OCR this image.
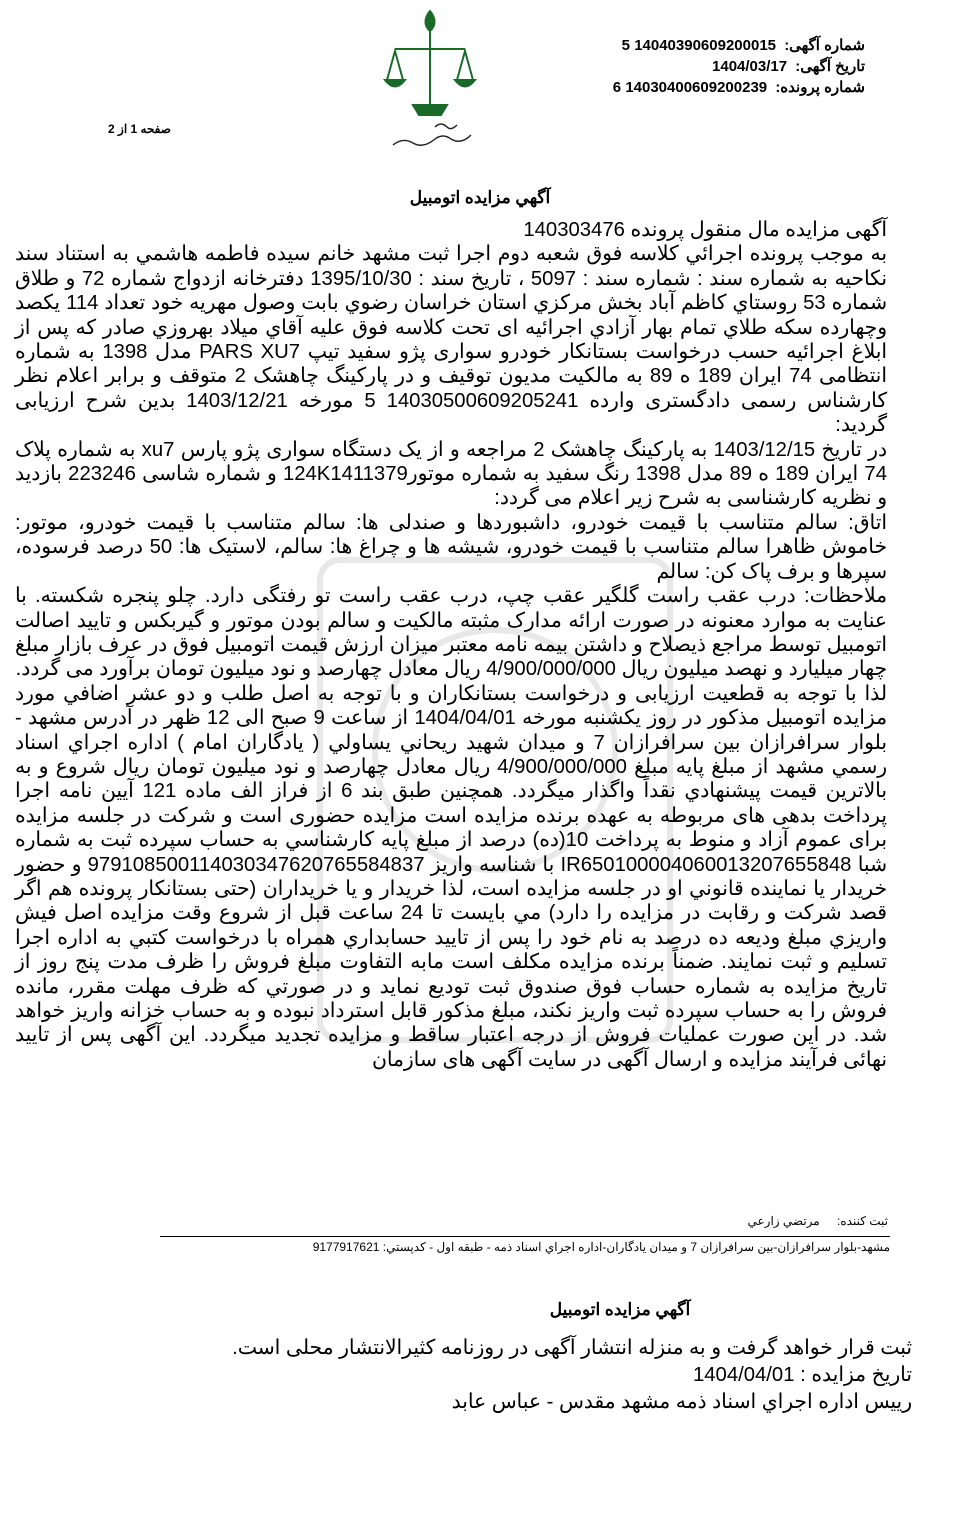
شماره آگهی: 14040390609200015 5
تاریخ آگهی: 1404/03/17
شماره پرونده: 14030400609200239 6
صفحه 1 از 2
آگهي مزايده اتومبيل

آگهی مزایده مال منقول پرونده 140303476

به موجب پرونده اجرائي كلاسه فوق شعبه دوم اجرا ثبت مشهد خانم سيده فاطمه هاشمي به استناد سند نكاحيه به شماره سند : شماره سند : 5097 ، تاریخ سند : 1395/10/30 دفترخانه ازدواج شماره 72 و طلاق شماره 53 روستاي كاظم آباد بخش مركزي استان خراسان رضوي بابت وصول مهريه خود تعداد 114 يكصد وچهارده سكه طلاي تمام بهار آزادي اجرائيه ای تحت كلاسه فوق عليه آقاي ميلاد بهروزي صادر كه پس از ابلاغ اجرائیه حسب درخواست بستانكار خودرو سواری پژو سفيد تيپ PARS XU7 مدل 1398 به شماره انتظامی 74 ایران 189 ه 89 به مالکیت مدیون توقیف و در پارکینگ چاهشک 2 متوقف و برابر اعلام نظر كارشناس رسمی دادگستری وارده 14030500609205241 5 مورخه 1403/12/21 بدين شرح ارزيابی گرديد:

در تاریخ 1403/12/15 به پارکینگ چاهشک 2 مراجعه و از یک دستگاه سواری پژو پارس xu7 به شماره پلاک 74 ایران 189 ه 89 مدل 1398 رنگ سفید به شماره موتور124K1411379 و شماره شاسی 223246 بازدید و نظریه کارشناسی به شرح زیر اعلام می گردد:

اتاق: سالم متناسب با قیمت خودرو، داشبوردها و صندلی ها: سالم متناسب با قیمت خودرو، موتور: خاموش ظاهرا سالم متناسب با قیمت خودرو، شیشه ها و چراغ ها: سالم، لاستیک ها: 50 درصد فرسوده، سپرها و برف پاک کن: سالم

ملاحظات: درب عقب راست گلگیر عقب چپ، درب عقب راست تو رفتگی دارد. چلو پنجره شکسته. با عنایت به موارد معنونه در صورت ارائه مدارک مثبته مالکیت و سالم بودن موتور و گیربکس و تایید اصالت اتومبیل توسط مراجع ذیصلاح و داشتن بیمه نامه معتبر میزان ارزش قیمت اتومبیل فوق در عرف بازار مبلغ چهار میلیارد و نهصد میلیون ریال 4/900/000/000 ریال معادل چهارصد و نود میلیون تومان برآورد می گردد.

لذا با توجه به قطعيت ارزيابی و درخواست بستانكاران و با توجه به اصل طلب و دو عشر اضافي مورد مزايده اتومبيل مذكور در روز يكشنبه مورخه 1404/04/01 از ساعت 9 صبح الی 12 ظهر در آدرس مشهد - بلوار سرافرازان بين سرافرازان 7 و ميدان شهيد ريحاني يساولي ( يادگاران امام ) اداره اجراي اسناد رسمي مشهد از مبلغ پايه مبلغ 4/900/000/000 ریال معادل چهارصد و نود میلیون تومان ريال شروع و به بالاترين قيمت پيشنهادي نقداً واگذار ميگردد. همچنین طبق بند 6 از فراز الف ماده 121 آیین نامه اجرا پرداخت بدهی های مربوطه به عهده برنده مزایده است مزایده حضوری است و شرکت در جلسه مزایده برای عموم آزاد و منوط به پرداخت 10(ده) درصد از مبلغ پایه کارشناسي به حساب سپرده ثبت به شماره شبا IR650100004060013207655848 با شناسه واريز 979108500114030347620765584837 و حضور خريدار يا نماينده قانوني او در جلسه مزايده است، لذا خریدار و یا خریداران (حتی بستانکار پرونده هم اگر قصد شرکت و رقابت در مزایده را دارد) مي بایست تا 24 ساعت قبل از شروع وقت مزايده اصل فيش واريزي مبلغ وديعه ده درصد به نام خود را پس از تاييد حسابداري همراه با درخواست كتبي به اداره اجرا تسليم و ثبت نمايند. ضمناً برنده مزايده مكلف است مابه التفاوت مبلغ فروش را ظرف مدت پنج روز از تاريخ مزايده به شماره حساب فوق صندوق ثبت توديع نمايد و در صورتي كه ظرف مهلت مقرر، مانده فروش را به حساب سپرده ثبت واريز نكند، مبلغ مذكور قابل استرداد نبوده و به حساب خزانه واريز خواهد شد. در اين صورت عمليات فروش از درجه اعتبار ساقط و مزايده تجديد ميگردد. این آگهی پس از تایید نهائی فرآیند مزایده و ارسال آگهی در سایت آگهی های سازمان

ثبت كننده: مرتضي زارعي
مشهد-بلوار سرافرازان-بين سرافرازان 7 و ميدان يادگاران-اداره اجراي اسناد ذمه - طبقه اول - كدپستي: 9177917621
آگهي مزايده اتومبيل

ثبت قرار خواهد گرفت و به منزله انتشار آگهی در روزنامه کثیرالانتشار محلی است.

تاریخ مزایده : 1404/04/01

رييس اداره اجراي اسناد ذمه مشهد مقدس - عباس عابد
